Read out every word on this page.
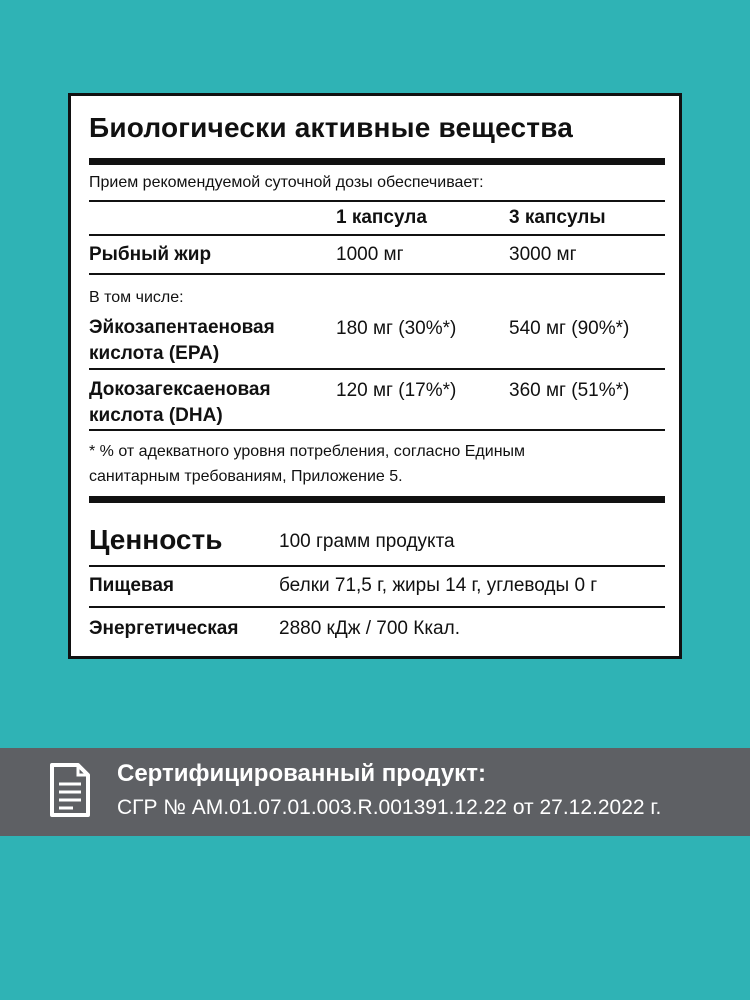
Биологически активные вещества
Прием рекомендуемой суточной дозы обеспечивает:
1 капсула	3 капсулы
Рыбный жир	1000 мг	3000 мг
В том числе:
Эйкозапентаеновая
кислота (EPA)
180 мг (30%*)	540 мг (90%*)
Докозагексаеновая
кислота (DHA)
120 мг (17%*)	360 мг (51%*)
* % от адекватного уровня потребления, согласно Единым
санитарным требованиям, Приложение 5.
Ценность	100 грамм продукта
Пищевая	белки 71,5 г, жиры 14 г, углеводы 0 г
Энергетическая 2880 кДж / 700 Ккал.
Сертифицированный продукт:
СГР № AM.01.07.01.003.R.001391.12.22 от 27.12.2022 г.
